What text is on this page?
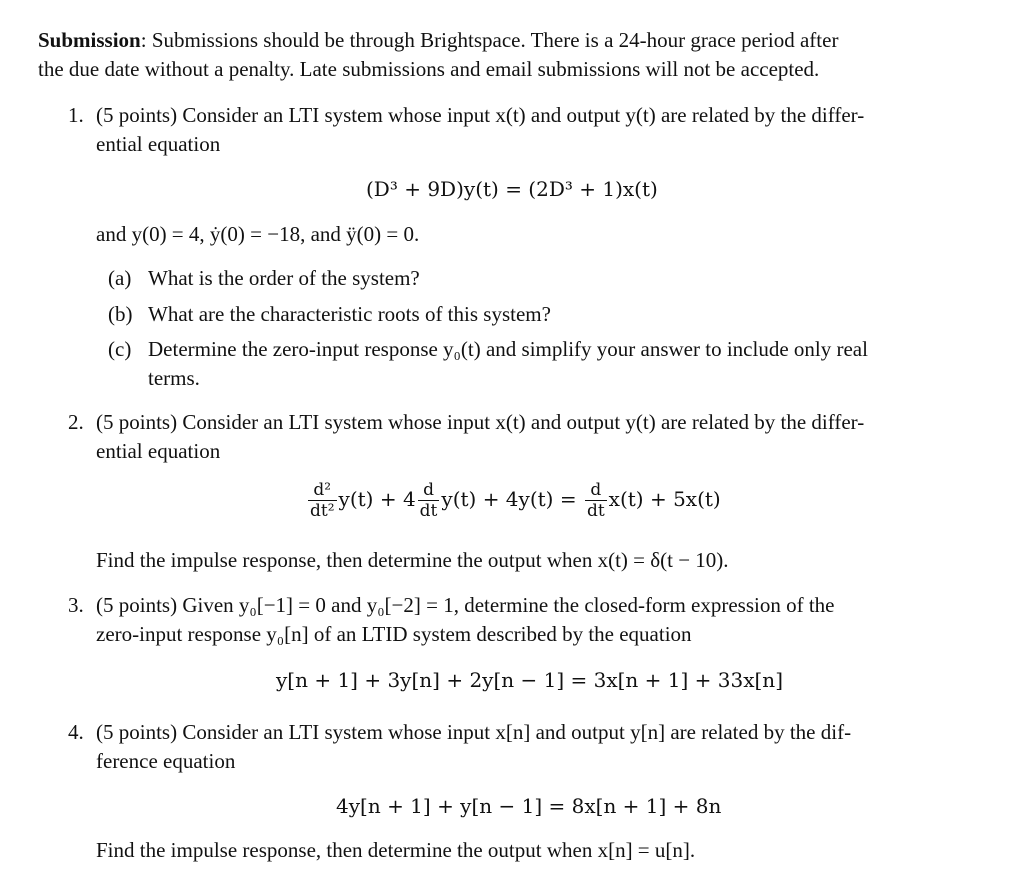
Submission: Submissions should be through Brightspace. There is a 24-hour grace period after
the due date without a penalty. Late submissions and email submissions will not be accepted.
1. (5 points) Consider an LTI system whose input x(t) and output y(t) are related by the differ-
ential equation
(D³ + 9D)y(t) = (2D³ + 1)x(t)
and y(0) = 4, ẏ(0) = −18, and ÿ(0) = 0.
(a) What is the order of the system?
(b) What are the characteristic roots of this system?
(c) Determine the zero-input response y₀(t) and simplify your answer to include only real
terms.
2. (5 points) Consider an LTI system whose input x(t) and output y(t) are related by the differ-
ential equation
$\frac{\text{d²}}{\text{dt²}} y(t) + 4 \frac{d}{dt} y(t) + 4y(t) = \frac{d}{dt} x(t) + 5x(t)$
Find the impulse response, then determine the output when x(t) = δ(t − 10).
3. (5 points) Given y₀[−1] = 0 and y₀[−2] = 1, determine the closed-form expression of the
zero-input response y₀[n] of an LTID system described by the equation
y[n + 1] + 3y[n] + 2y[n − 1] = 3x[n + 1] + 33x[n]
4. (5 points) Consider an LTI system whose input x[n] and output y[n] are related by the dif-
ference equation
4y[n + 1] + y[n − 1] = 8x[n + 1] + 8n
Find the impulse response, then determine the output when x[n] = u[n].
